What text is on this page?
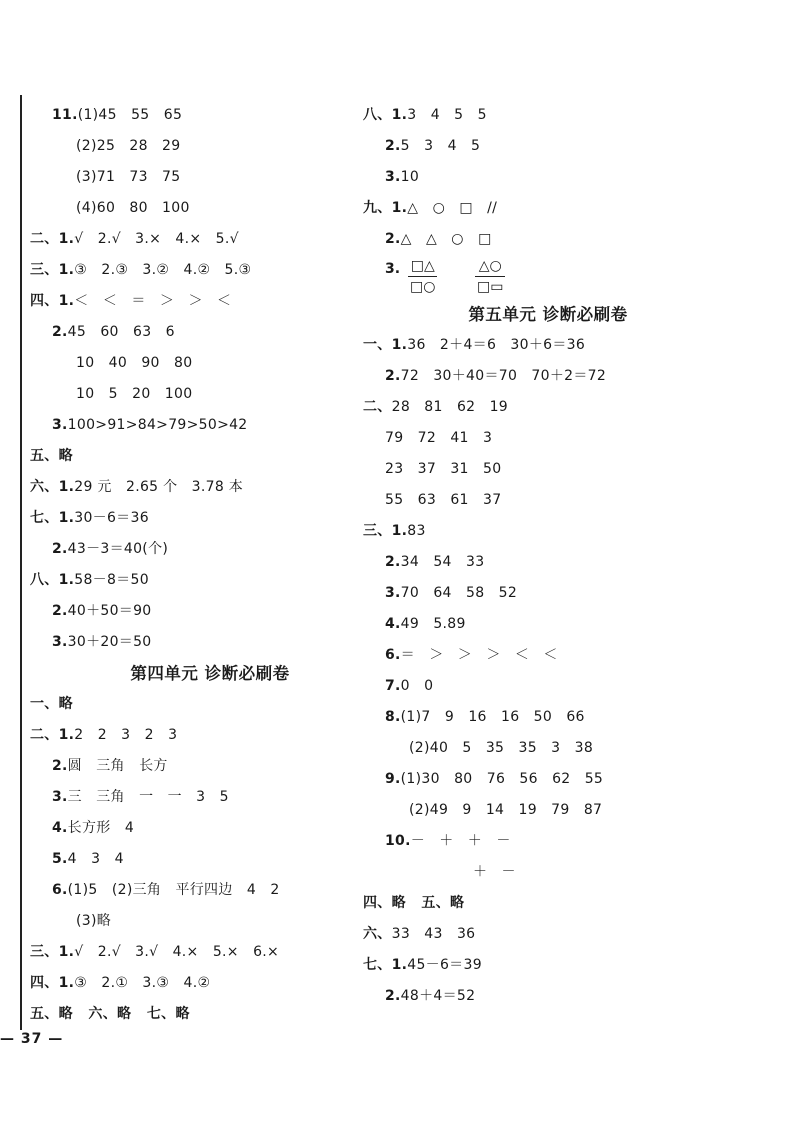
11.(1)45   55   65
(2)25   28   29
(3)71   73   75
(4)60   80   100
二、1.√   2.√   3.×   4.×   5.√
三、1.③   2.③   3.②   4.②   5.③
四、1.＜   ＜   ＝   ＞   ＞   ＜
2.45   60   63   6
10   40   90   80
10   5   20   100
3.100>91>84>79>50>42
五、略
六、1.29 元   2.65 个   3.78 本
七、1.30－6＝36
2.43－3＝40(个)
八、1.58－8＝50
2.40＋50＝90
3.30＋20＝50
第四单元 诊断必刷卷
一、略
二、1.2   2   3   2   3
2.圆   三角   长方
3.三   三角   一   一   3   5
4.长方形   4
5.4   3   4
6.(1)5   (2)三角   平行四边   4   2
(3)略
三、1.√   2.√   3.√   4.×   5.×   6.×
四、1.③   2.①   3.③   4.②
五、略   六、略   七、略
八、1.3   4   5   5
2.5   3   4   5
3.10
九、1.△   ○   □   //
2.△   △   ○   □
3. □△
□○
△○
□▭
第五单元 诊断必刷卷
一、1.36   2＋4＝6   30＋6＝36
2.72   30＋40＝70   70＋2＝72
二、28   81   62   19
79   72   41   3
23   37   31   50
55   63   61   37
三、1.83
2.34   54   33
3.70   64   58   52
4.49   5.89
6.＝   ＞   ＞   ＞   ＜   ＜
7.0   0
8.(1)7   9   16   16   50   66
(2)40   5   35   35   3   38
9.(1)30   80   76   56   62   55
(2)49   9   14   19   79   87
10.－   ＋   ＋   －
＋   －
四、略   五、略
六、33   43   36
七、1.45－6＝39
2.48＋4＝52
— 37 —
